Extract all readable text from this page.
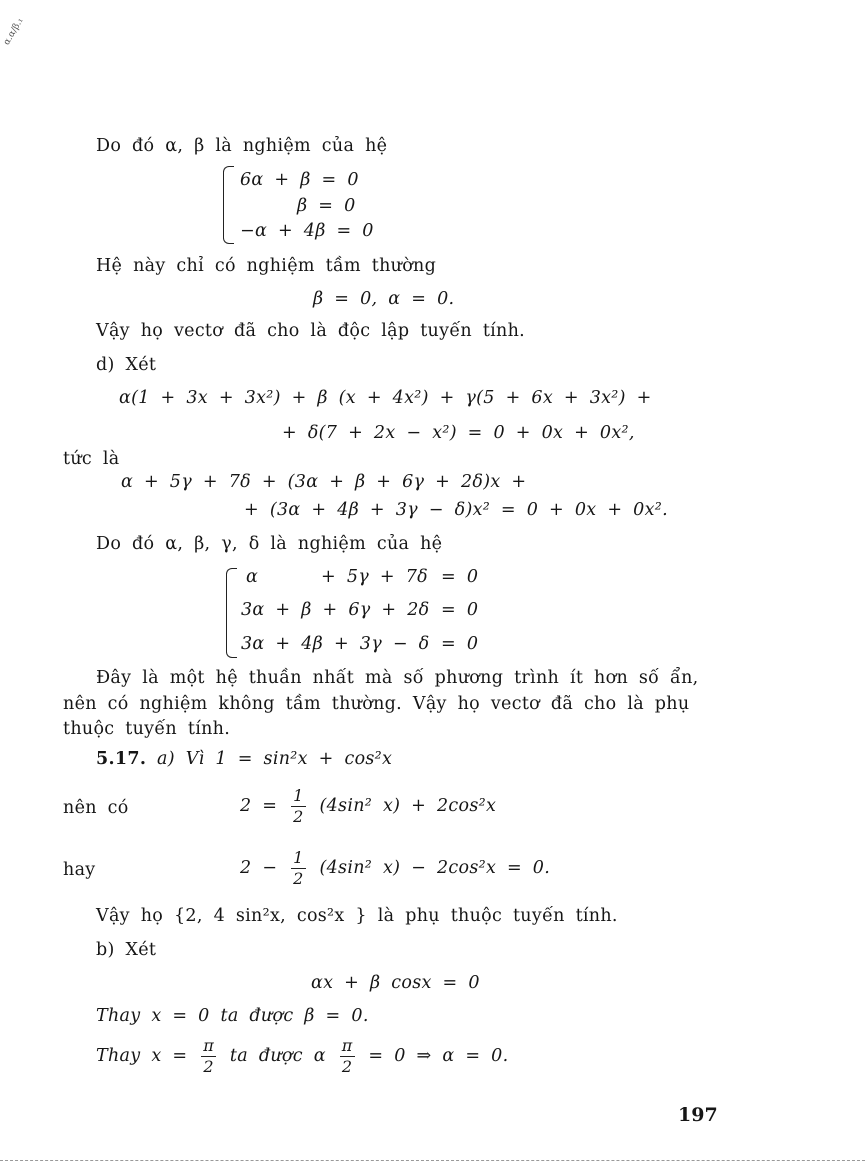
α.α/β.₁
Do đó α, β là nghiệm của hệ
6α + β = 0
β = 0
−α + 4β = 0
Hệ này chỉ có nghiệm tầm thường
β = 0, α = 0.
Vậy họ vectơ đã cho là độc lập tuyến tính.
d) Xét
α(1 + 3x + 3x²) + β (x + 4x²) + γ(5 + 6x + 3x²) +
+ δ(7 + 2x − x²) = 0 + 0x + 0x²,
tức là
α + 5γ + 7δ + (3α + β + 6γ + 2δ)x +
+ (3α + 4β + 3γ − δ)x² = 0 + 0x + 0x².
Do đó α, β, γ, δ là nghiệm của hệ
α	+ 5γ + 7δ = 0
3α + β + 6γ + 2δ = 0
3α + 4β + 3γ − δ = 0
Đây là một hệ thuần nhất mà số phương trình ít hơn số ẩn,
nên có nghiệm không tầm thường. Vậy họ vectơ đã cho là phụ
thuộc tuyến tính.
5.17. a) Vì 1 = sin²x + cos²x
nên có	$2 = \frac{1}{2} (4\sin^2$ x) + 2cos²x
hay	$2 - \frac{1}{2} (4\sin^2$ x) − 2cos²x = 0.
Vậy họ {2, 4 sin²x, cos²x } là phụ thuộc tuyến tính.
b) Xét
αx + β cosx = 0
Thay x = 0 ta được β = 0.
Thay $x = \frac{\pi}{2}$ ta được α $\frac{\pi}{2} = 0$ ⇒ α = 0.
197
